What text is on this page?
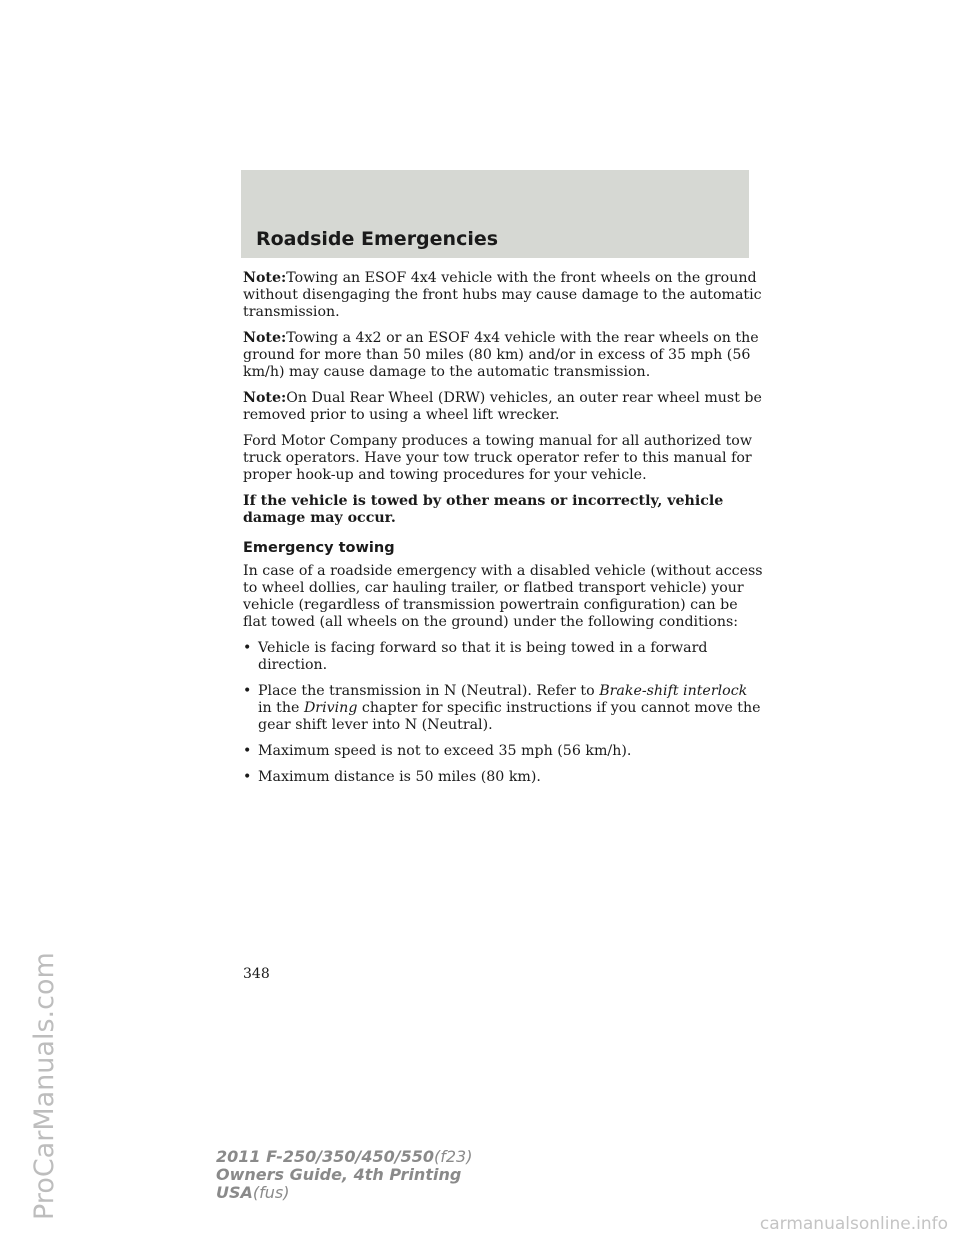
Roadside Emergencies

Note:Towing an ESOF 4x4 vehicle with the front wheels on the ground without disengaging the front hubs may cause damage to the automatic transmission.

Note:Towing a 4x2 or an ESOF 4x4 vehicle with the rear wheels on the ground for more than 50 miles (80 km) and/or in excess of 35 mph (56 km/h) may cause damage to the automatic transmission.

Note:On Dual Rear Wheel (DRW) vehicles, an outer rear wheel must be removed prior to using a wheel lift wrecker.

Ford Motor Company produces a towing manual for all authorized tow truck operators. Have your tow truck operator refer to this manual for proper hook-up and towing procedures for your vehicle.

If the vehicle is towed by other means or incorrectly, vehicle damage may occur.

Emergency towing

In case of a roadside emergency with a disabled vehicle (without access to wheel dollies, car hauling trailer, or flatbed transport vehicle) your vehicle (regardless of transmission powertrain configuration) can be flat towed (all wheels on the ground) under the following conditions:

• Vehicle is facing forward so that it is being towed in a forward direction.
• Place the transmission in N (Neutral). Refer to Brake-shift interlock in the Driving chapter for specific instructions if you cannot move the gear shift lever into N (Neutral).
• Maximum speed is not to exceed 35 mph (56 km/h).
• Maximum distance is 50 miles (80 km).
348
2011 F-250/350/450/550(f23)
Owners Guide, 4th Printing
USA(fus)
ProCarManuals.com
carmanualsonline.info
